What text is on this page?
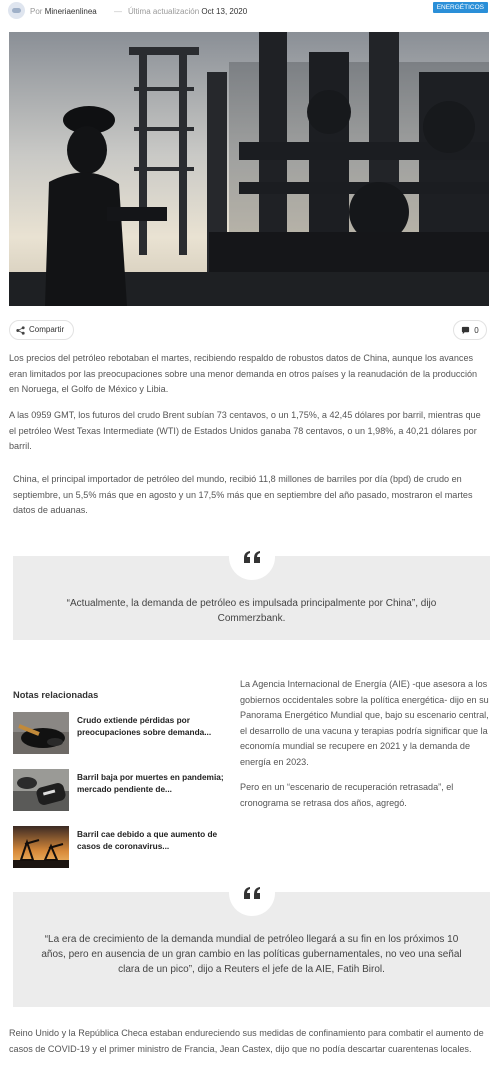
Por Mineriaenlinea — Última actualización Oct 13, 2020	ENERGÉTICOS
Compartir	0

Los precios del petróleo rebotaban el martes, recibiendo respaldo de robustos datos de China, aunque los avances eran limitados por las preocupaciones sobre una menor demanda en otros países y la reanudación de la producción en Noruega, el Golfo de México y Libia.

A las 0959 GMT, los futuros del crudo Brent subían 73 centavos, o un 1,75%, a 42,45 dólares por barril, mientras que el petróleo West Texas Intermediate (WTI) de Estados Unidos ganaba 78 centavos, o un 1,98%, a 40,21 dólares por barril.

China, el principal importador de petróleo del mundo, recibió 11,8 millones de barriles por día (bpd) de crudo en septiembre, un 5,5% más que en agosto y un 17,5% más que en septiembre del año pasado, mostraron el martes datos de aduanas.

“Actualmente, la demanda de petróleo es impulsada principalmente por China”, dijo Commerzbank.

Notas relacionadas

Crudo extiende pérdidas por preocupaciones sobre demanda...

Barril baja por muertes en pandemia; mercado pendiente de...

Barril cae debido a que aumento de casos de coronavirus...

La Agencia Internacional de Energía (AIE) -que asesora a los gobiernos occidentales sobre la política energética- dijo en su Panorama Energético Mundial que, bajo su escenario central, el desarrollo de una vacuna y terapias podría significar que la economía mundial se recupere en 2021 y la demanda de energía en 2023.

Pero en un “escenario de recuperación retrasada”, el cronograma se retrasa dos años, agregó.

“La era de crecimiento de la demanda mundial de petróleo llegará a su fin en los próximos 10 años, pero en ausencia de un gran cambio en las políticas gubernamentales, no veo una señal clara de un pico”, dijo a Reuters el jefe de la AIE, Fatih Birol.

Reino Unido y la República Checa estaban endureciendo sus medidas de confinamiento para combatir el aumento de casos de COVID-19 y el primer ministro de Francia, Jean Castex, dijo que no podía descartar cuarentenas locales.
